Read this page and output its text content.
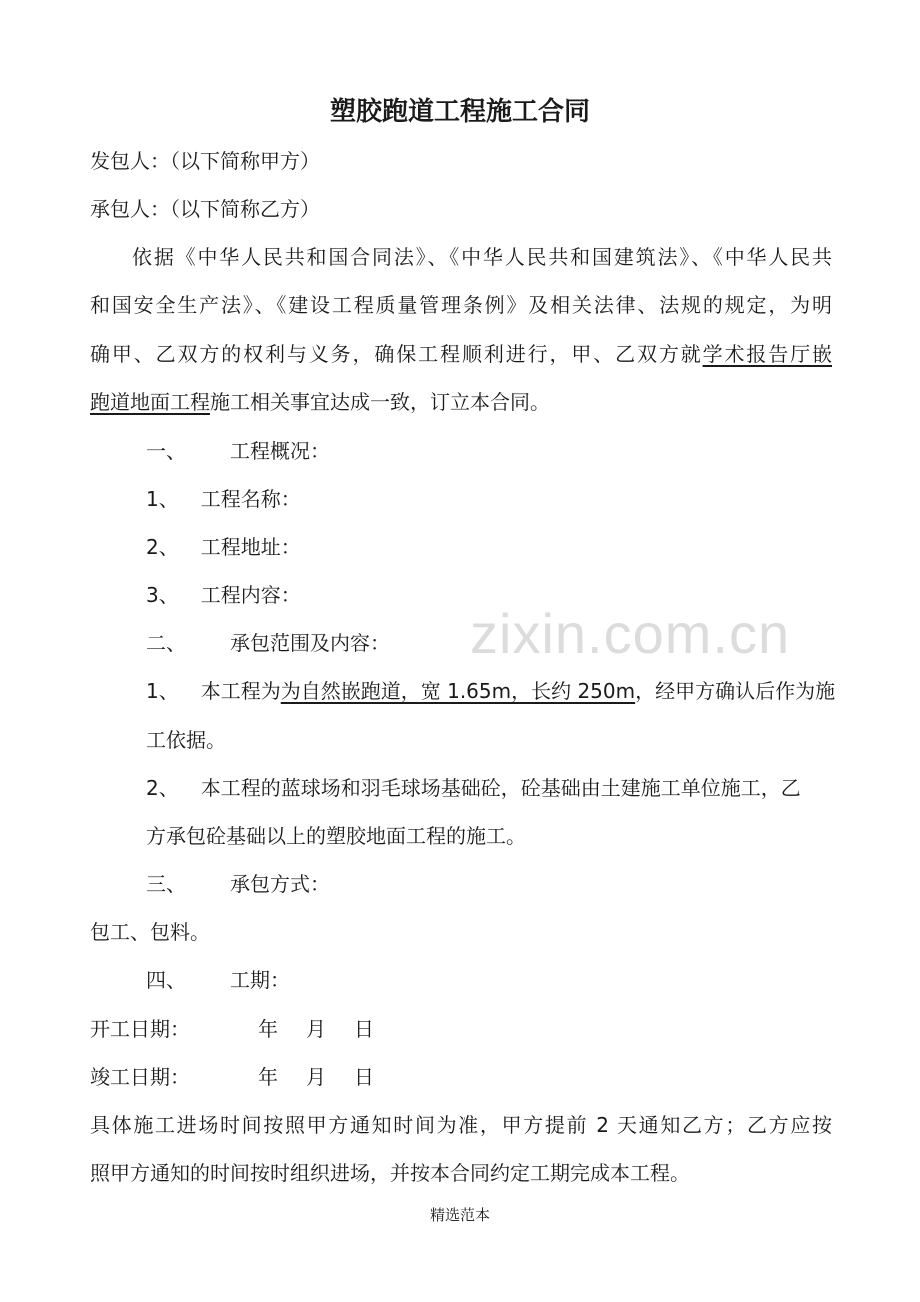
zixin.com.cn
塑胶跑道工程施工合同
发包人：（以下简称甲方）
承包人：（以下简称乙方）
依据《中华人民共和国合同法》、《中华人民共和国建筑法》、《中华人民共
和国安全生产法》、《建设工程质量管理条例》及相关法律、法规的规定，为明
确甲、乙双方的权利与义务，确保工程顺利进行，甲、乙双方就学术报告厅嵌
跑道地面工程施工相关事宜达成一致，订立本合同。
一、 工程概况：
1、 工程名称：
2、 工程地址：
3、 工程内容：
二、 承包范围及内容：
1、 本工程为为自然嵌跑道，宽 1.65m，长约 250m，经甲方确认后作为施
工依据。
2、 本工程的蓝球场和羽毛球场基础砼，砼基础由土建施工单位施工，乙
方承包砼基础以上的塑胶地面工程的施工。
三、 承包方式：
包工、包料。
四、 工期：
开工日期：	年 月 日
竣工日期：	年 月 日
具体施工进场时间按照甲方通知时间为准，甲方提前 2 天通知乙方；乙方应按
照甲方通知的时间按时组织进场，并按本合同约定工期完成本工程。
精选范本
